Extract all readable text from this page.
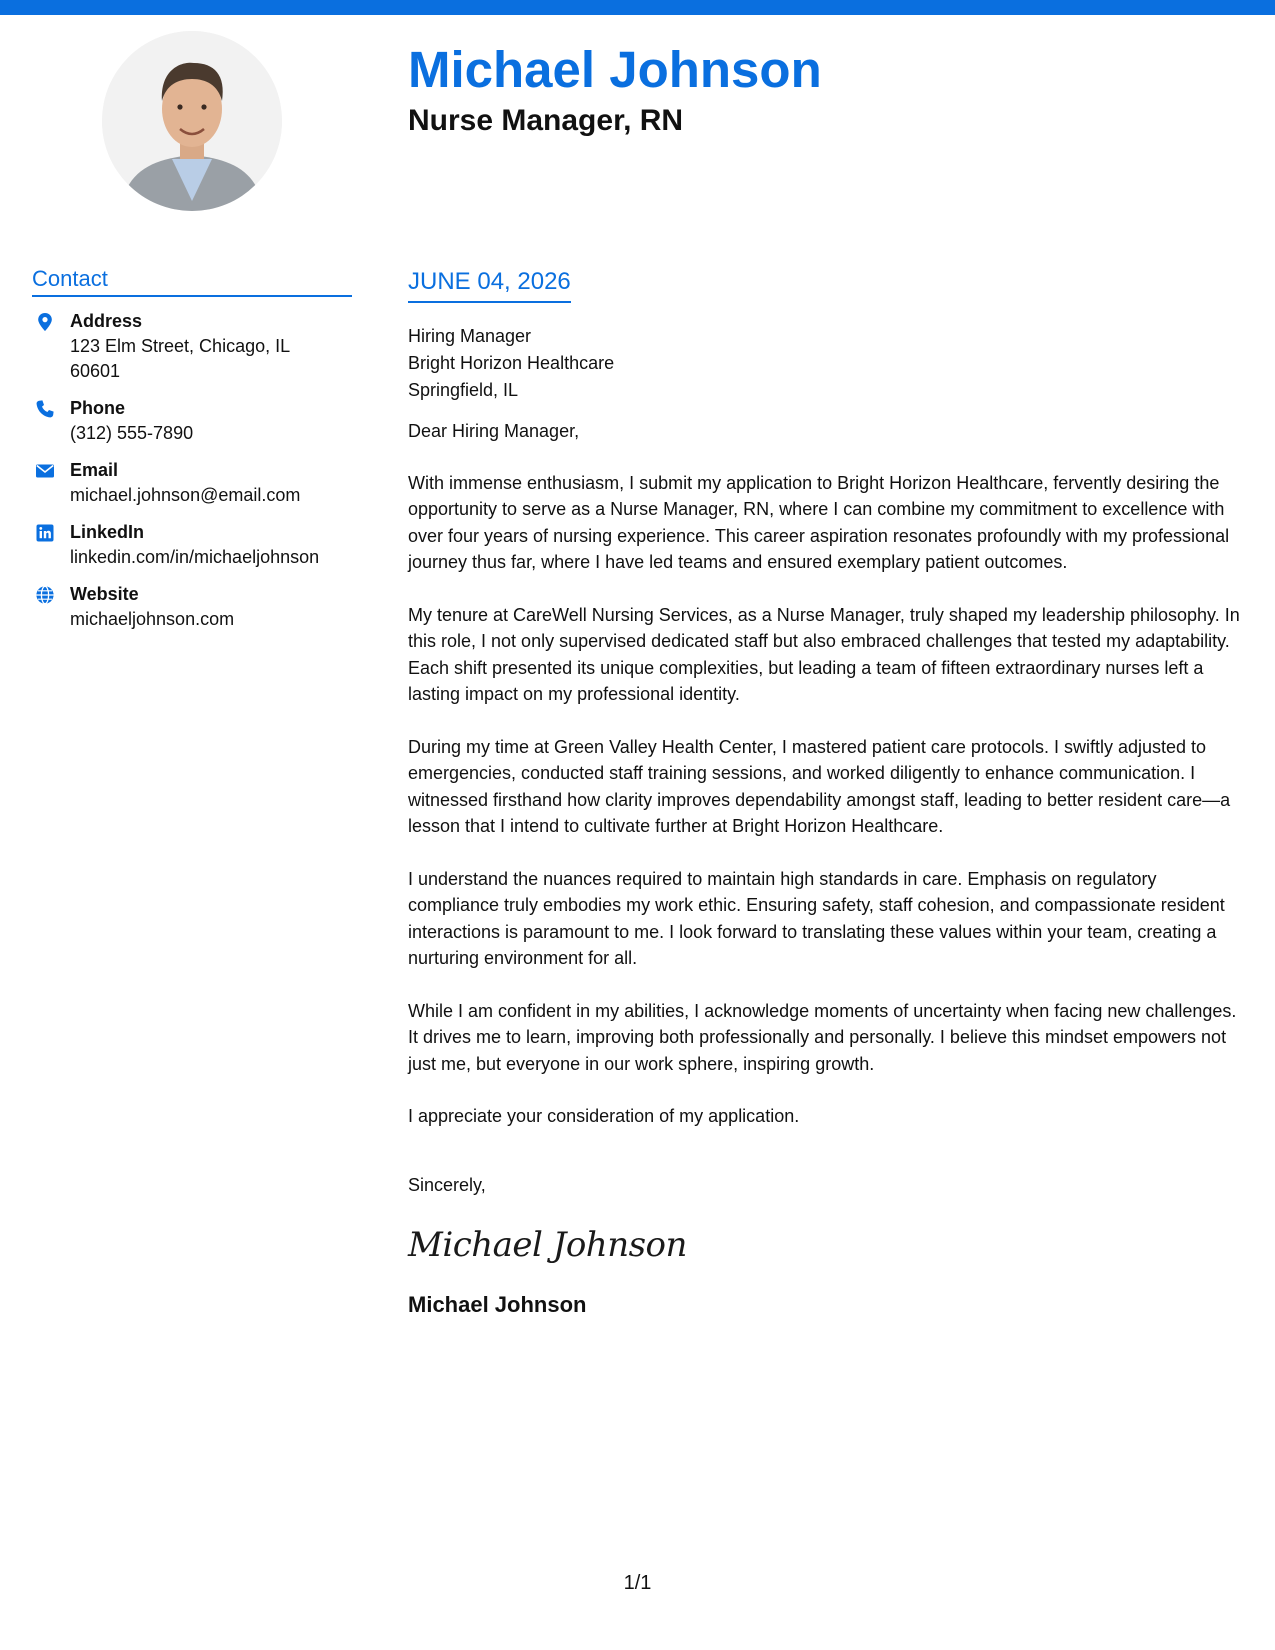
Michael Johnson
Nurse Manager, RN
Contact
Address
123 Elm Street, Chicago, IL
60601
Phone
(312) 555-7890
Email
michael.johnson@email.com
LinkedIn
linkedin.com/in/michaeljohnson
Website
michaeljohnson.com
JUNE 04, 2026
Hiring Manager
Bright Horizon Healthcare
Springfield, IL
Dear Hiring Manager,

With immense enthusiasm, I submit my application to Bright Horizon Healthcare, fervently desiring the opportunity to serve as a Nurse Manager, RN, where I can combine my commitment to excellence with over four years of nursing experience. This career aspiration resonates profoundly with my professional journey thus far, where I have led teams and ensured exemplary patient outcomes.

My tenure at CareWell Nursing Services, as a Nurse Manager, truly shaped my leadership philosophy. In this role, I not only supervised dedicated staff but also embraced challenges that tested my adaptability. Each shift presented its unique complexities, but leading a team of fifteen extraordinary nurses left a lasting impact on my professional identity.

During my time at Green Valley Health Center, I mastered patient care protocols. I swiftly adjusted to emergencies, conducted staff training sessions, and worked diligently to enhance communication. I witnessed firsthand how clarity improves dependability amongst staff, leading to better resident care—a lesson that I intend to cultivate further at Bright Horizon Healthcare.

I understand the nuances required to maintain high standards in care. Emphasis on regulatory compliance truly embodies my work ethic. Ensuring safety, staff cohesion, and compassionate resident interactions is paramount to me. I look forward to translating these values within your team, creating a nurturing environment for all.

While I am confident in my abilities, I acknowledge moments of uncertainty when facing new challenges. It drives me to learn, improving both professionally and personally. I believe this mindset empowers not just me, but everyone in our work sphere, inspiring growth.

I appreciate your consideration of my application.

Sincerely,
Michael Johnson
Michael Johnson
1/1
